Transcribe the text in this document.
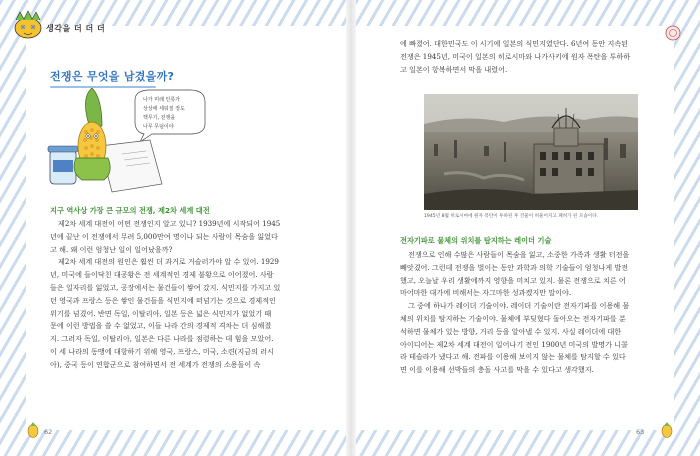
생각을 더 더 더
전쟁은 무엇을 남겼을까?
나가 미래 인류가
상상에 세워질 정도
핵무기, 전쟁을
나무 무덤이야
지구 역사상 가장 큰 규모의 전쟁, 제2차 세계 대전
제2차 세계 대전이 어떤 전쟁인지 알고 있니? 1939년에 시작되어 1945
년에 끝난 이 전쟁에서 무려 5,000만여 명이나 되는 사람이 목숨을 잃었다
고 해. 왜 이런 엄청난 일이 일어났을까?
제2차 세계 대전의 원인은 훨씬 더 과거로 거슬러가야 알 수 있어. 1929
년, 미국에 들이닥친 대공황은 전 세계적인 경제 불황으로 이어졌어. 사람
들은 일자리를 잃었고, 공장에서는 물건들이 쌓여 갔지. 식민지를 가지고 있
던 영국과 프랑스 등은 쌓인 물건들을 식민지에 떠넘기는 것으로 경제적인
위기를 넘겼어. 반면 독일, 이탈리아, 일본 등은 넓은 식민지가 없었기 때
문에 이런 방법을 쓸 수 없었고, 이들 나라 간의 경제적 격차는 더 심해졌
지. 그러자 독일, 이탈리아, 일본은 다른 나라를 점령하는 데 힘을 모았어.
이 세 나라의 동맹에 대항하기 위해 영국, 프랑스, 미국, 소련(지금의 러시
아), 중국 등이 연합군으로 참여하면서 전 세계가 전쟁의 소용돌이 속
62
에 빠졌어. 대한민국도 이 시기에 일본의 식민지였단다. 6년여 동안 지속된
전쟁은 1945년, 미국이 일본의 히로시마와 나가사키에 원자 폭탄을 투하하
고 일본이 항복하면서 막을 내렸어.
1945년 8월 히로시마에 원자 폭탄이 투하된 후 건물이 허물어지고 폐허가 된 모습이다.
전자기파로 물체의 위치를 탐지하는 레이더 기술
전쟁으로 인해 수많은 사람들이 목숨을 잃고, 소중한 가족과 생활 터전을
빼앗겼어. 그런데 전쟁을 벌이는 동안 과학과 의학 기술들이 엄청나게 발전
했고, 오늘날 우리 생활에까지 영향을 미치고 있지. 물론 전쟁으로 치른 어
마어마한 대가에 비해서는 자그마한 성과겠지만 말이야.
그 중에 하나가 레이더 기술이야. 레이더 기술이란 전자기파를 이용해 물
체의 위치를 탐지하는 기술이야. 물체에 부딪혔다 돌아오는 전자기파를 분
석하면 물체가 있는 방향, 거리 등을 알아낼 수 있지. 사실 레이더에 대한
아이디어는 제2차 세계 대전이 일어나기 전인 1900년 미국의 발명가 니콜
라 테슬라가 냈다고 해. 전파를 이용해 보이지 않는 물체를 탐지할 수 있다
면 이를 이용해 선박들의 충돌 사고를 막을 수 있다고 생각했지.
63
